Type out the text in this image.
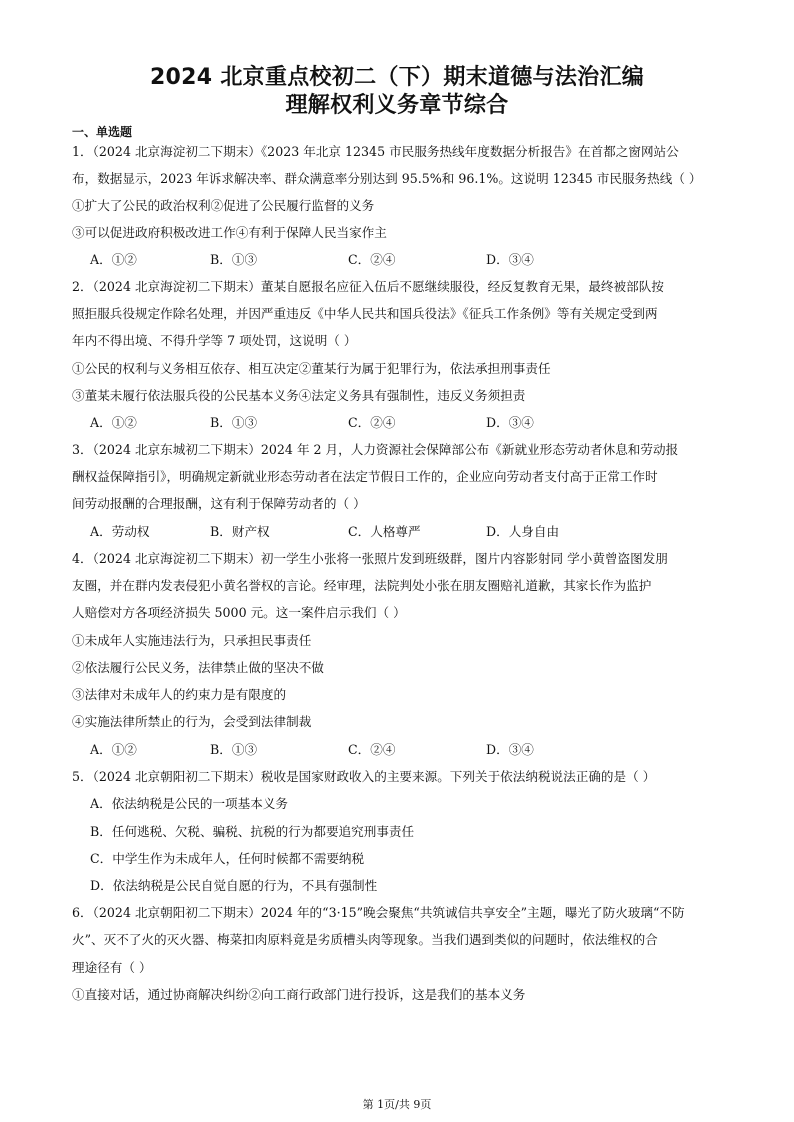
2024 北京重点校初二（下）期末道德与法治汇编
理解权利义务章节综合
一、单选题
1．（2024 北京海淀初二下期末）《2023 年北京 12345 市民服务热线年度数据分析报告》在首都之窗网站公
布，数据显示，2023 年诉求解决率、群众满意率分别达到 95.5%和 96.1%。这说明 12345 市民服务热线（ ）
①扩大了公民的政治权利②促进了公民履行监督的义务
③可以促进政府积极改进工作④有利于保障人民当家作主
A．①②	B．①③	C．②④	D．③④
2．（2024 北京海淀初二下期末）董某自愿报名应征入伍后不愿继续服役，经反复教育无果，最终被部队按
照拒服兵役规定作除名处理，并因严重违反《中华人民共和国兵役法》《征兵工作条例》等有关规定受到两
年内不得出境、不得升学等 7 项处罚，这说明（ ）
①公民的权利与义务相互依存、相互决定②董某行为属于犯罪行为，依法承担刑事责任
③董某未履行依法服兵役的公民基本义务④法定义务具有强制性，违反义务须担责
A．①②	B．①③	C．②④	D．③④
3．（2024 北京东城初二下期末）2024 年 2 月，人力资源社会保障部公布《新就业形态劳动者休息和劳动报
酬权益保障指引》，明确规定新就业形态劳动者在法定节假日工作的，企业应向劳动者支付高于正常工作时
间劳动报酬的合理报酬，这有利于保障劳动者的（ ）
A．劳动权	B．财产权	C．人格尊严	D．人身自由
4．（2024 北京海淀初二下期末）初一学生小张将一张照片发到班级群，图片内容影射同 学小黄曾盗图发朋
友圈，并在群内发表侵犯小黄名誉权的言论。经审理，法院判处小张在朋友圈赔礼道歉，其家长作为监护
人赔偿对方各项经济损失 5000 元。这一案件启示我们（ ）
①未成年人实施违法行为，只承担民事责任
②依法履行公民义务，法律禁止做的坚决不做
③法律对未成年人的约束力是有限度的
④实施法律所禁止的行为，会受到法律制裁
A．①②	B．①③	C．②④	D．③④
5．（2024 北京朝阳初二下期末）税收是国家财政收入的主要来源。下列关于依法纳税说法正确的是（ ）
A．依法纳税是公民的一项基本义务
B．任何逃税、欠税、骗税、抗税的行为都要追究刑事责任
C．中学生作为未成年人，任何时候都不需要纳税
D．依法纳税是公民自觉自愿的行为，不具有强制性
6．（2024 北京朝阳初二下期末）2024 年的“3·15”晚会聚焦“共筑诚信共享安全”主题，曝光了防火玻璃“不防
火”、灭不了火的灭火器、梅菜扣肉原料竟是劣质槽头肉等现象。当我们遇到类似的问题时，依法维权的合
理途径有（ ）
①直接对话，通过协商解决纠纷②向工商行政部门进行投诉，这是我们的基本义务
第 1页/共 9页
